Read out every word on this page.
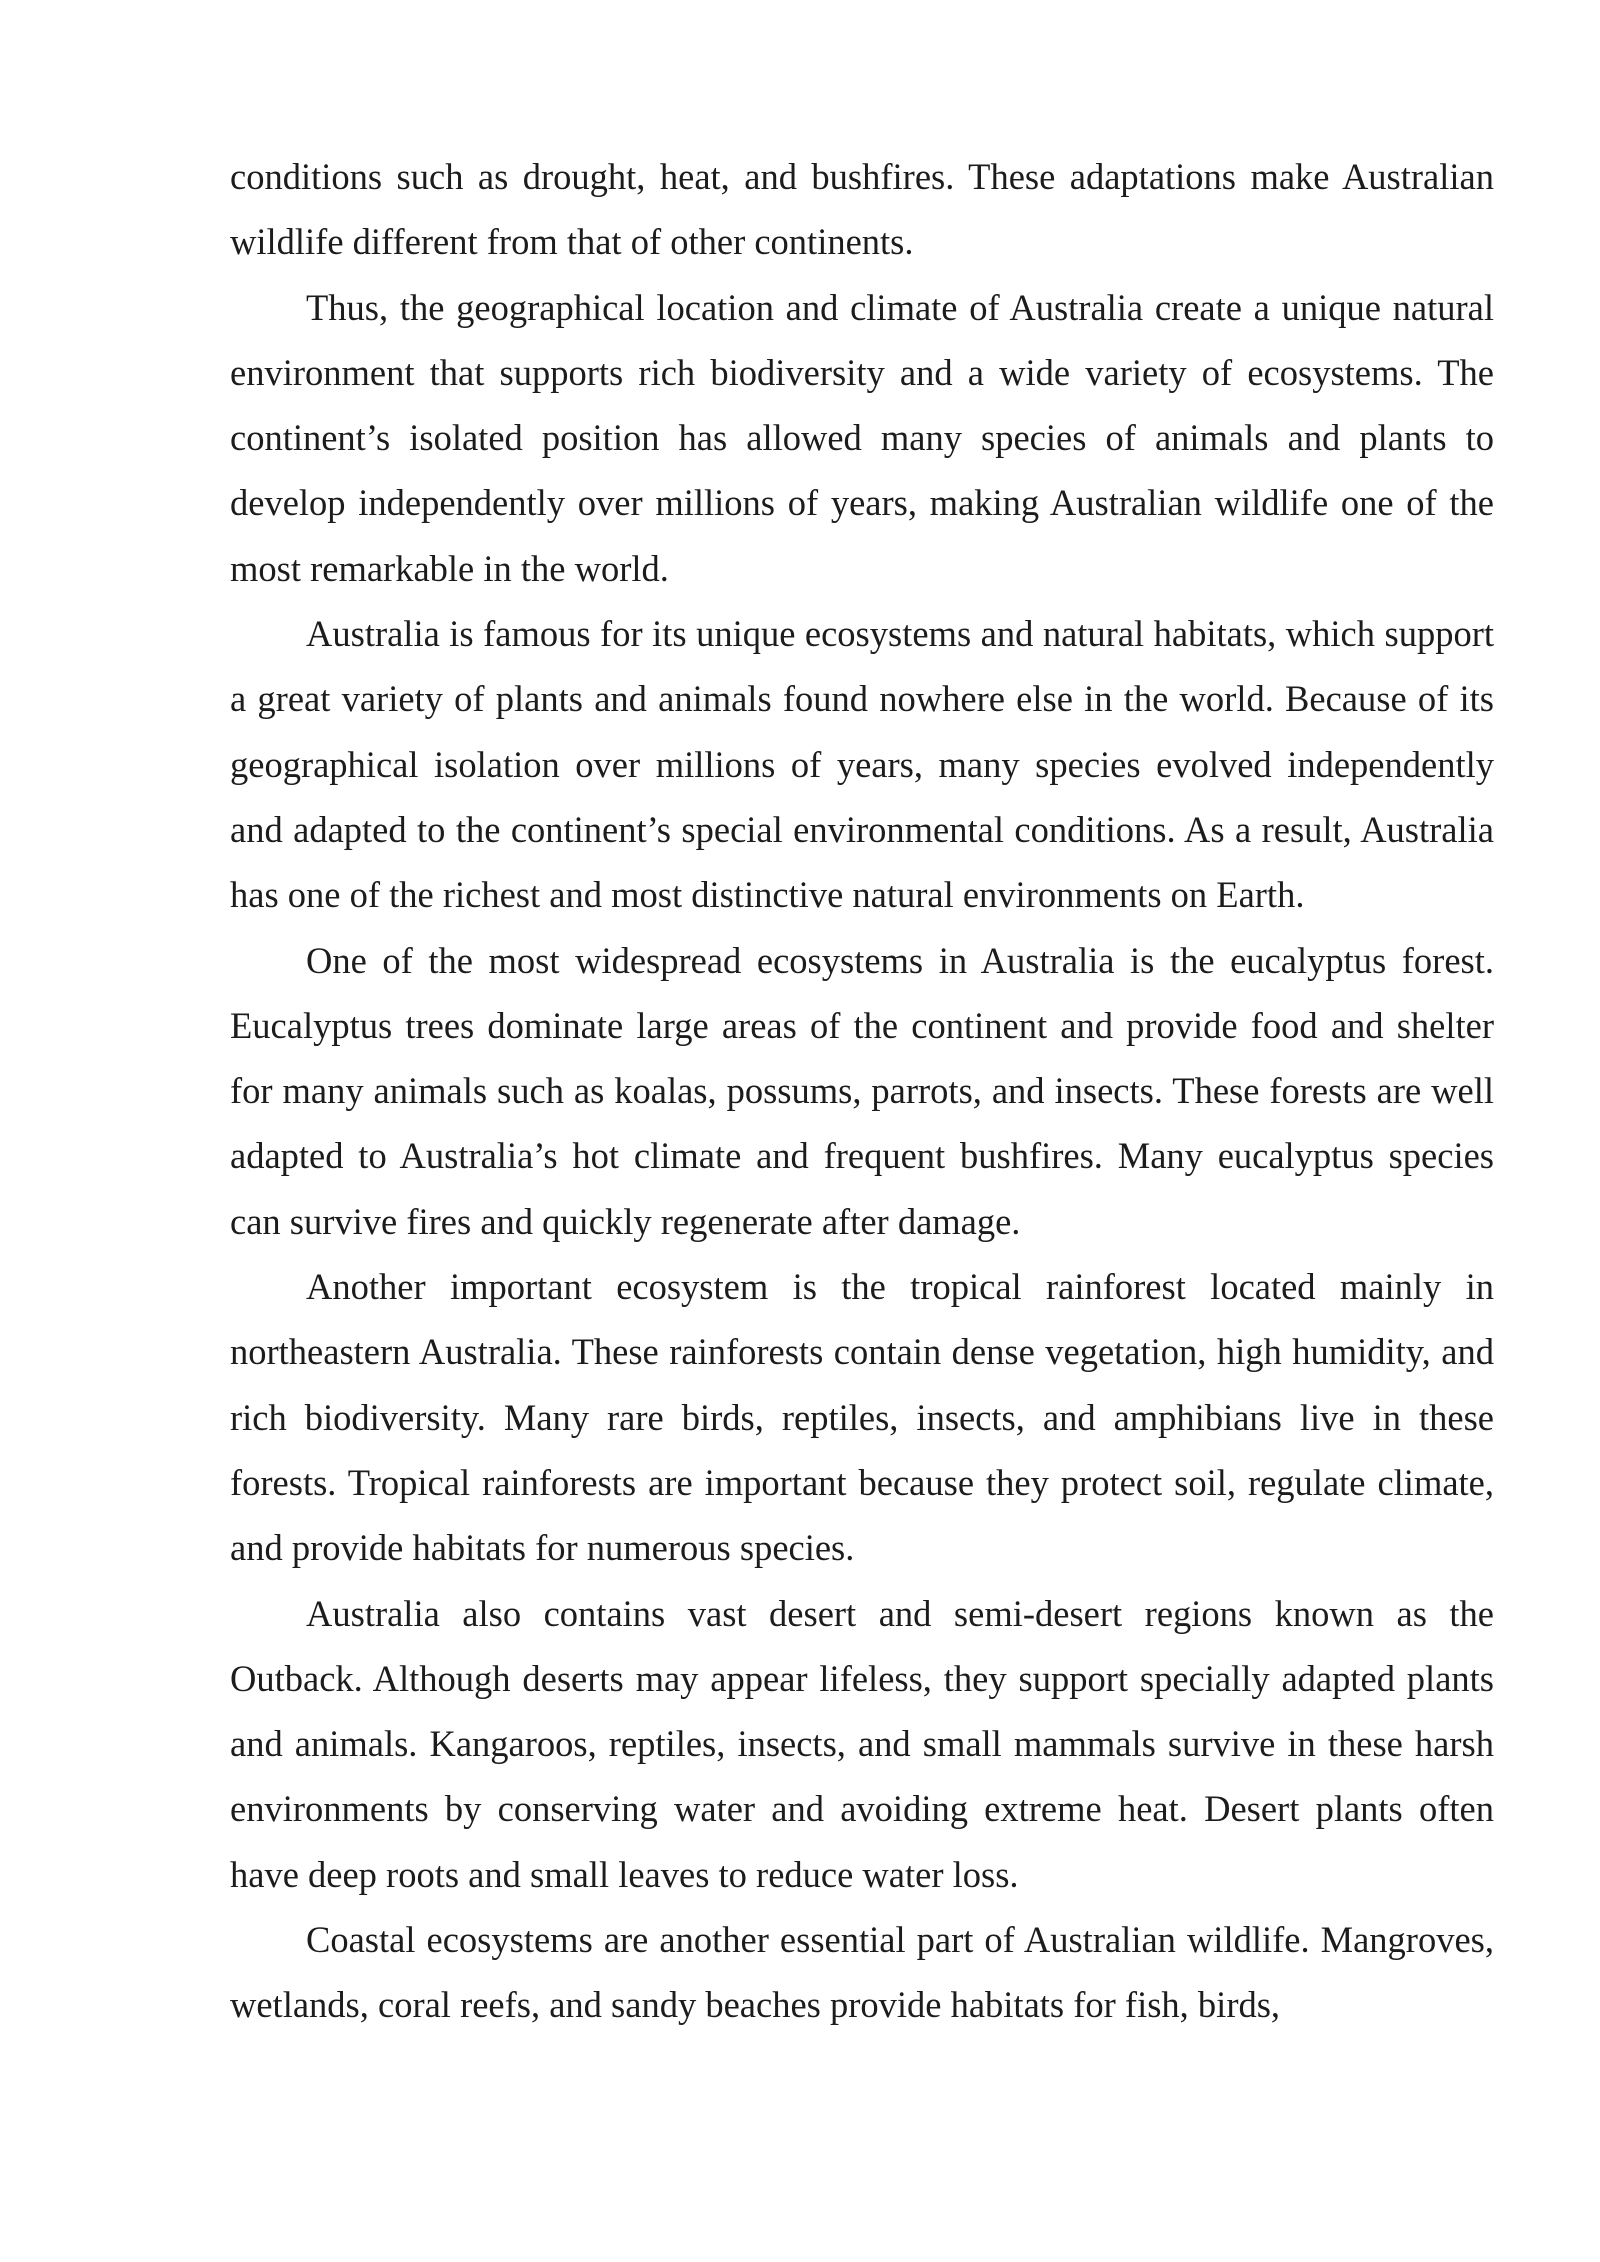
conditions such as drought, heat, and bushfires. These adaptations make Australian wildlife different from that of other continents.

Thus, the geographical location and climate of Australia create a unique natural environment that supports rich biodiversity and a wide variety of ecosystems. The continent’s isolated position has allowed many species of animals and plants to develop independently over millions of years, making Australian wildlife one of the most remarkable in the world.

Australia is famous for its unique ecosystems and natural habitats, which support a great variety of plants and animals found nowhere else in the world. Because of its geographical isolation over millions of years, many species evolved independently and adapted to the continent’s special environmental conditions. As a result, Australia has one of the richest and most distinctive natural environments on Earth.

One of the most widespread ecosystems in Australia is the eucalyptus forest. Eucalyptus trees dominate large areas of the continent and provide food and shelter for many animals such as koalas, possums, parrots, and insects. These forests are well adapted to Australia’s hot climate and frequent bushfires. Many eucalyptus species can survive fires and quickly regenerate after damage.

Another important ecosystem is the tropical rainforest located mainly in northeastern Australia. These rainforests contain dense vegetation, high humidity, and rich biodiversity. Many rare birds, reptiles, insects, and amphibians live in these forests. Tropical rainforests are important because they protect soil, regulate climate, and provide habitats for numerous species.

Australia also contains vast desert and semi-desert regions known as the Outback. Although deserts may appear lifeless, they support specially adapted plants and animals. Kangaroos, reptiles, insects, and small mammals survive in these harsh environments by conserving water and avoiding extreme heat. Desert plants often have deep roots and small leaves to reduce water loss.

Coastal ecosystems are another essential part of Australian wildlife. Mangroves, wetlands, coral reefs, and sandy beaches provide habitats for fish, birds,
